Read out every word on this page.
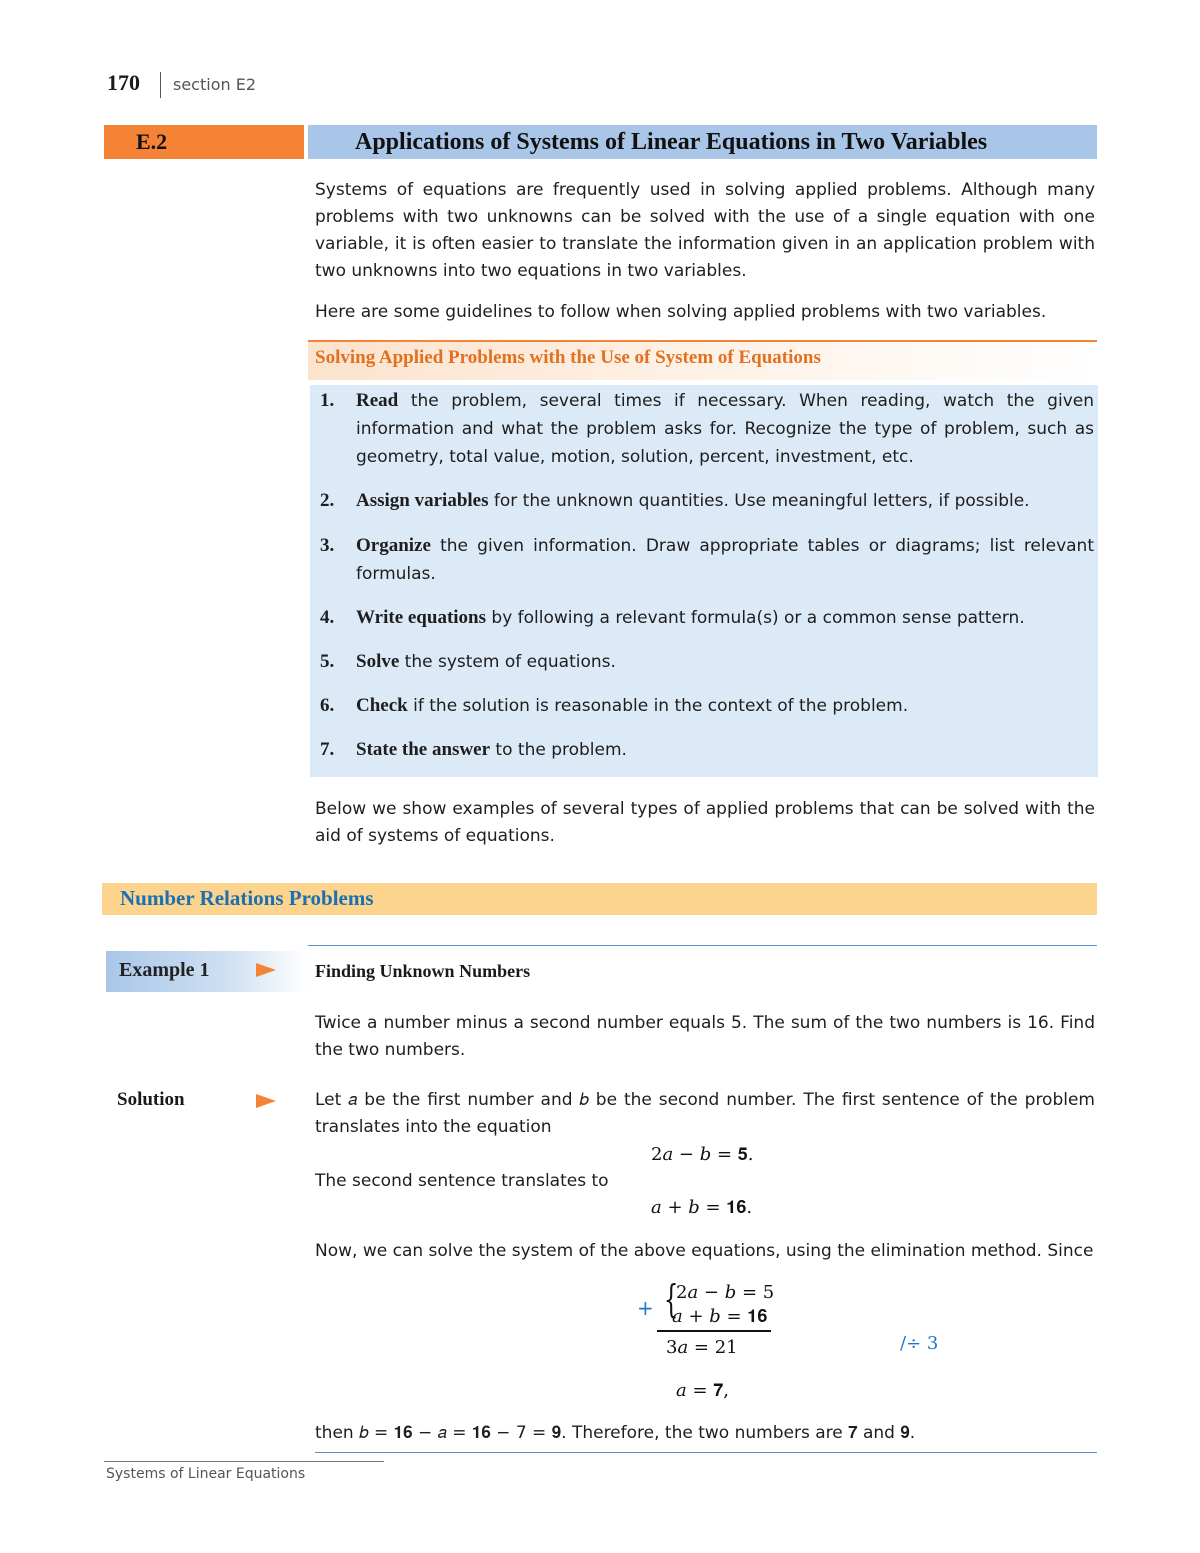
170 section E2
E.2	Applications of Systems of Linear Equations in Two Variables
Systems of equations are frequently used in solving applied problems. Although many problems with two unknowns can be solved with the use of a single equation with one variable, it is often easier to translate the information given in an application problem with two unknowns into two equations in two variables.
Here are some guidelines to follow when solving applied problems with two variables.
Solving Applied Problems with the Use of System of Equations
1. Read the problem, several times if necessary. When reading, watch the given information and what the problem asks for. Recognize the type of problem, such as geometry, total value, motion, solution, percent, investment, etc.
2. Assign variables for the unknown quantities. Use meaningful letters, if possible.
3. Organize the given information. Draw appropriate tables or diagrams; list relevant formulas.
4. Write equations by following a relevant formula(s) or a common sense pattern.
5. Solve the system of equations.
6. Check if the solution is reasonable in the context of the problem.
7. State the answer to the problem.
Below we show examples of several types of applied problems that can be solved with the aid of systems of equations.
Number Relations Problems
Example 1	Finding Unknown Numbers
Twice a number minus a second number equals 5. The sum of the two numbers is 16. Find the two numbers.
Solution	Let 𝑎 be the first number and 𝑏 be the second number. The first sentence of the problem translates into the equation
2𝑎 − 𝑏 = 𝟓.
The second sentence translates to
𝑎 + 𝑏 = 𝟏𝟔.
Now, we can solve the system of the above equations, using the elimination method. Since
+ {
2𝑎 − 𝑏 = 5
𝑎 + 𝑏 = 𝟏𝟔
3𝑎 = 21	/÷ 3
𝑎 = 𝟕,
then 𝑏 = 𝟏𝟔 − 𝑎 = 𝟏𝟔 − 7 = 𝟗. Therefore, the two numbers are 𝟕 and 𝟗.
Systems of Linear Equations
